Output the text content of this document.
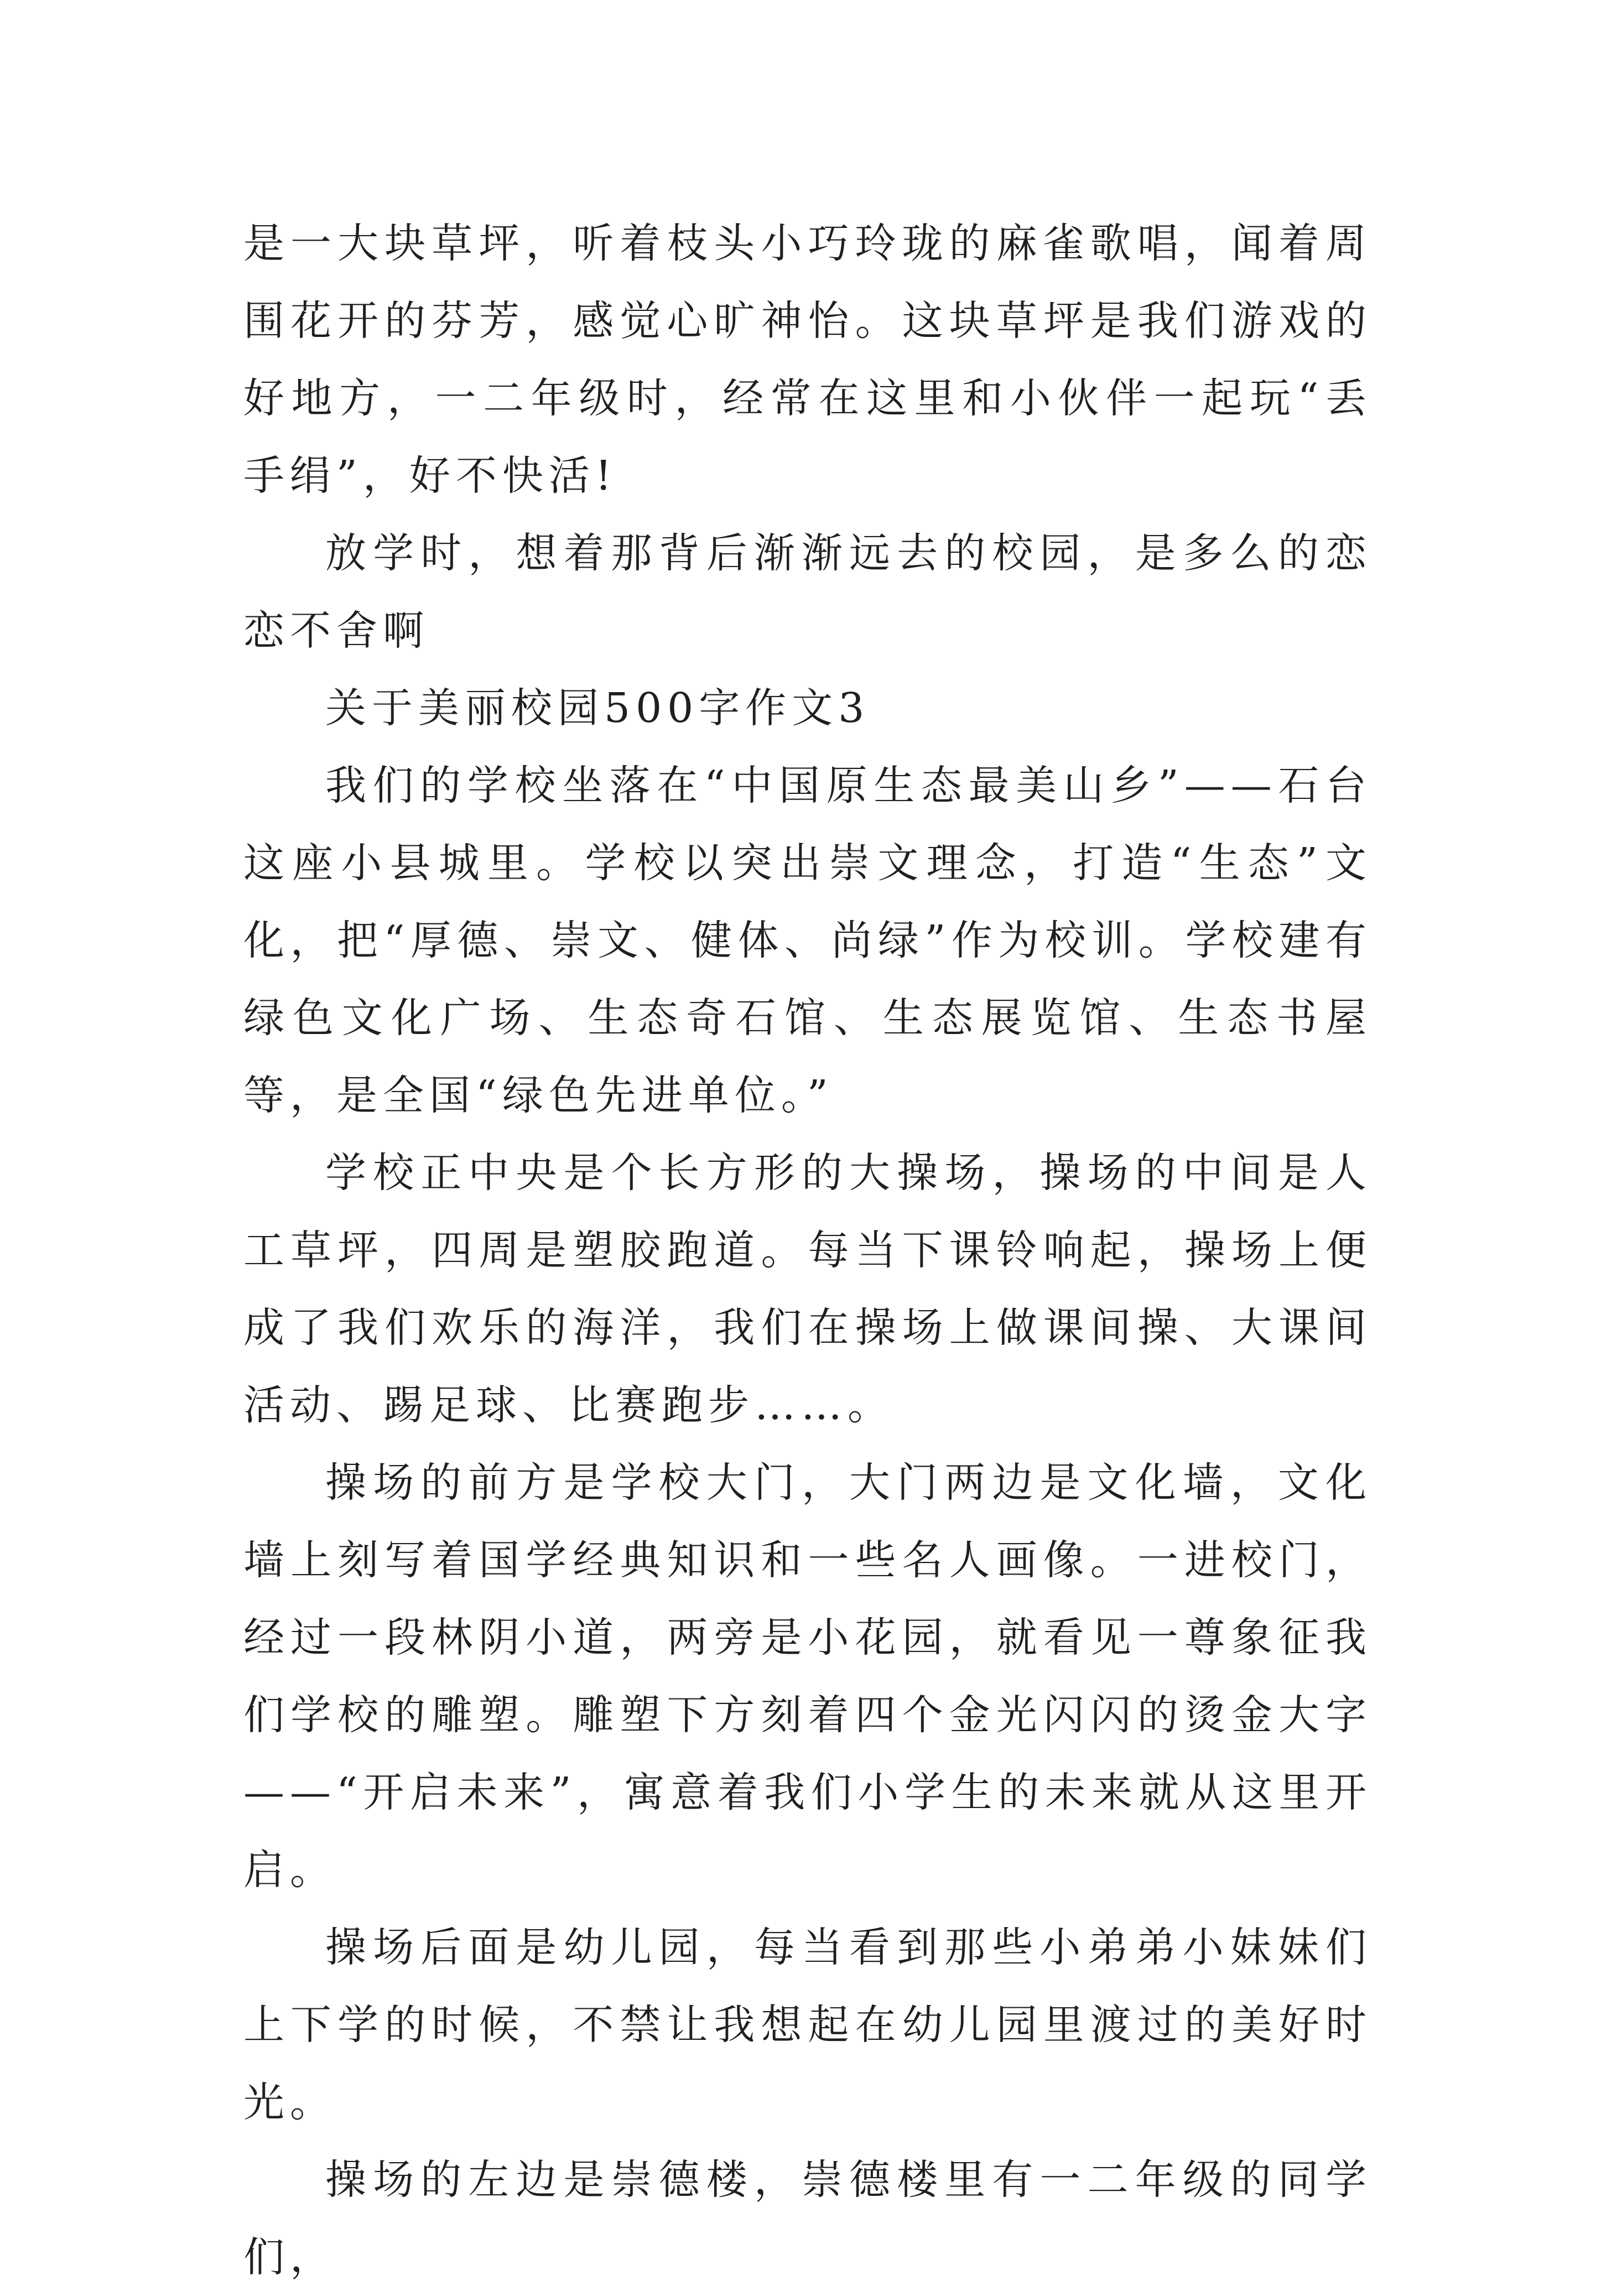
是一大块草坪，听着枝头小巧玲珑的麻雀歌唱，闻着周围花开的芬芳，感觉心旷神怡。这块草坪是我们游戏的好地方，一二年级时，经常在这里和小伙伴一起玩“丢手绢”，好不快活!

放学时，想着那背后渐渐远去的校园，是多么的恋恋不舍啊

关于美丽校园500字作文3

我们的学校坐落在“中国原生态最美山乡”——石台这座小县城里。学校以突出崇文理念，打造“生态”文化，把“厚德、崇文、健体、尚绿”作为校训。学校建有绿色文化广场、生态奇石馆、生态展览馆、生态书屋等，是全国“绿色先进单位。”

学校正中央是个长方形的大操场，操场的中间是人工草坪，四周是塑胶跑道。每当下课铃响起，操场上便成了我们欢乐的海洋，我们在操场上做课间操、大课间活动、踢足球、比赛跑步……。

操场的前方是学校大门，大门两边是文化墙，文化墙上刻写着国学经典知识和一些名人画像。一进校门，经过一段林阴小道，两旁是小花园，就看见一尊象征我们学校的雕塑。雕塑下方刻着四个金光闪闪的烫金大字——“开启未来”，寓意着我们小学生的未来就从这里开启。

操场后面是幼儿园，每当看到那些小弟弟小妹妹们上下学的时候，不禁让我想起在幼儿园里渡过的美好时光。

操场的左边是崇德楼，崇德楼里有一二年级的同学们，
